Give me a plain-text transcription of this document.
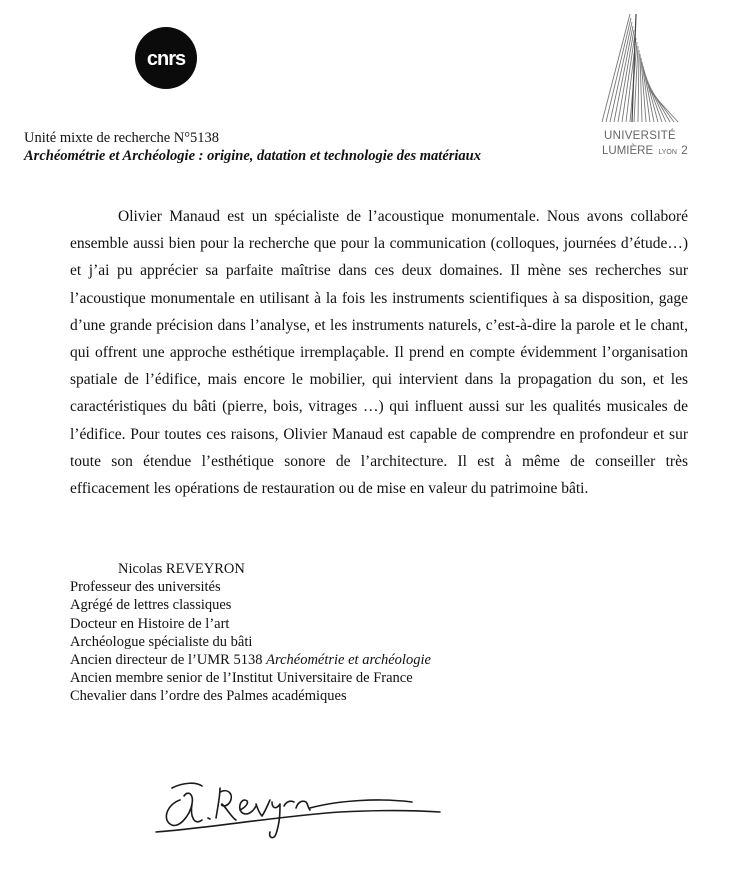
cnrs
UNIVERSITÉ
LUMIÈRE LYON 2
Unité mixte de recherche N°5138
Archéométrie et Archéologie : origine, datation et technologie des matériaux

Olivier Manaud est un spécialiste de l’acoustique monumentale. Nous avons collaboré ensemble aussi bien pour la recherche que pour la communication (colloques, journées d’étude…) et j’ai pu apprécier sa parfaite maîtrise dans ces deux domaines. Il mène ses recherches sur l’acoustique monumentale en utilisant à la fois les instruments scientifiques à sa disposition, gage d’une grande précision dans l’analyse, et les instruments naturels, c’est-à-dire la parole et le chant, qui offrent une approche esthétique irremplaçable. Il prend en compte évidemment l’organisation spatiale de l’édifice, mais encore le mobilier, qui intervient dans la propagation du son, et les caractéristiques du bâti (pierre, bois, vitrages …) qui influent aussi sur les qualités musicales de l’édifice. Pour toutes ces raisons, Olivier Manaud est capable de comprendre en profondeur et sur toute son étendue l’esthétique sonore de l’architecture. Il est à même de conseiller très efficacement les opérations de restauration ou de mise en valeur du patrimoine bâti.

Nicolas REVEYRON
Professeur des universités
Agrégé de lettres classiques
Docteur en Histoire de l’art
Archéologue spécialiste du bâti
Ancien directeur de l’UMR 5138 Archéométrie et archéologie
Ancien membre senior de l’Institut Universitaire de France
Chevalier dans l’ordre des Palmes académiques
